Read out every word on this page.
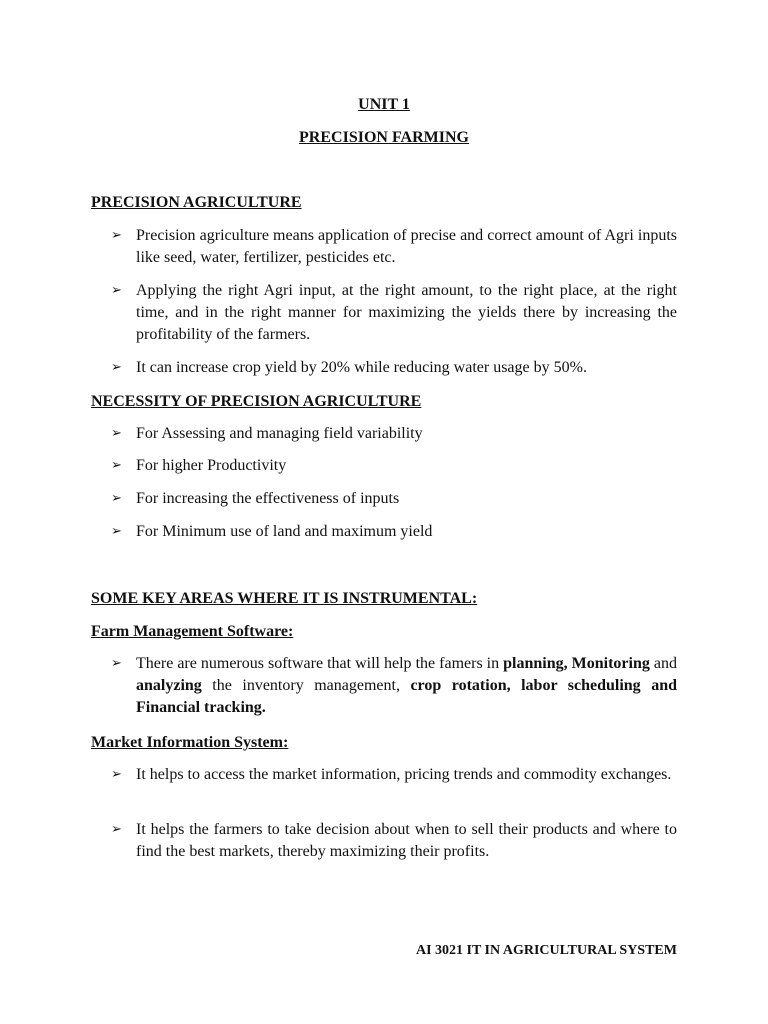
UNIT 1
PRECISION FARMING
PRECISION AGRICULTURE
➢ Precision agriculture means application of precise and correct amount of Agri inputs like seed, water, fertilizer, pesticides etc.
➢ Applying the right Agri input, at the right amount, to the right place, at the right time, and in the right manner for maximizing the yields there by increasing the profitability of the farmers.
➢ It can increase crop yield by 20% while reducing water usage by 50%.
NECESSITY OF PRECISION AGRICULTURE
➢ For Assessing and managing field variability
➢ For higher Productivity
➢ For increasing the effectiveness of inputs
➢ For Minimum use of land and maximum yield
SOME KEY AREAS WHERE IT IS INSTRUMENTAL:
Farm Management Software:
➢ There are numerous software that will help the famers in planning, Monitoring and analyzing the inventory management, crop rotation, labor scheduling and Financial tracking.
Market Information System:
➢ It helps to access the market information, pricing trends and commodity exchanges.
➢ It helps the farmers to take decision about when to sell their products and where to find the best markets, thereby maximizing their profits.
AI 3021 IT IN AGRICULTURAL SYSTEM
